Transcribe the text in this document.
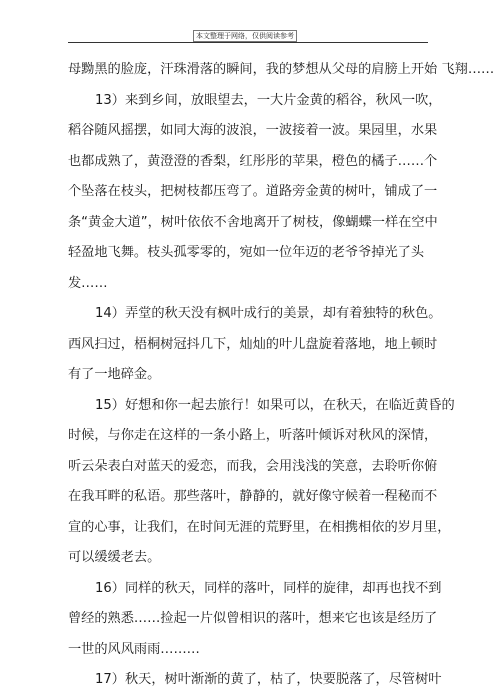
本文整理于网络，仅供阅读参考
母黝黑的脸庞，汗珠滑落的瞬间，我的梦想从父母的肩膀上开始 飞翔……
13）来到乡间，放眼望去，一大片金黄的稻谷，秋风一吹，
稻谷随风摇摆，如同大海的波浪，一波接着一波。果园里，水果
也都成熟了，黄澄澄的香梨，红彤彤的苹果，橙色的橘子……个
个坠落在枝头，把树枝都压弯了。道路旁金黄的树叶，铺成了一
条“黄金大道”，树叶依依不舍地离开了树枝，像蝴蝶一样在空中
轻盈地飞舞。枝头孤零零的，宛如一位年迈的老爷爷掉光了头
发……
14）弄堂的秋天没有枫叶成行的美景，却有着独特的秋色。
西风扫过，梧桐树冠抖几下，灿灿的叶儿盘旋着落地，地上顿时
有了一地碎金。
15）好想和你一起去旅行！如果可以，在秋天，在临近黄昏的
时候，与你走在这样的一条小路上，听落叶倾诉对秋风的深情，
听云朵表白对蓝天的爱恋，而我，会用浅浅的笑意，去聆听你俯
在我耳畔的私语。那些落叶，静静的，就好像守候着一程秘而不
宣的心事，让我们，在时间无涯的荒野里，在相携相依的岁月里，
可以缓缓老去。
16）同样的秋天，同样的落叶，同样的旋律，却再也找不到
曾经的熟悉……捡起一片似曾相识的落叶，想来它也该是经历了
一世的风风雨雨………
17）秋天，树叶渐渐的黄了，枯了，快要脱落了，尽管树叶
